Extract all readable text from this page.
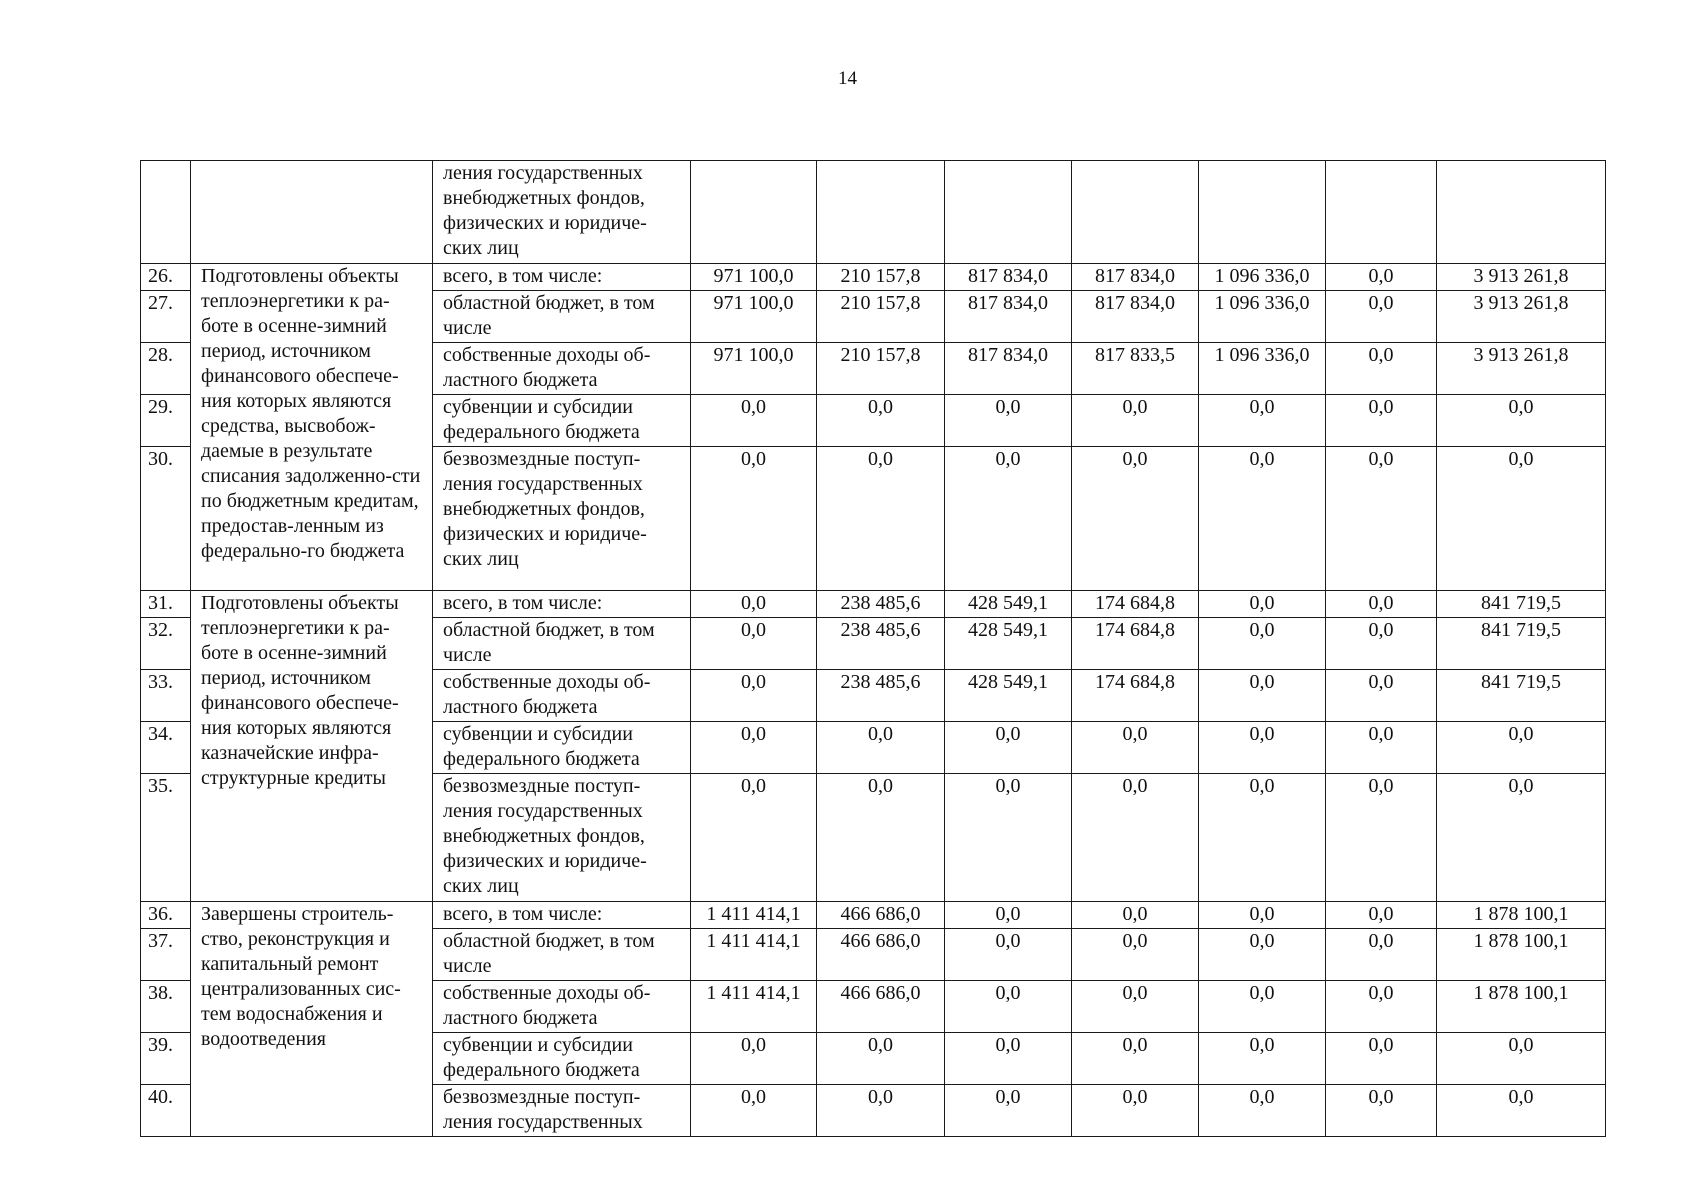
14
		ления государственных внебюджетных фондов, физических и юридиче-ских лиц							
26.	Подготовлены объекты теплоэнергетики к ра-боте в осенне-зимний период, источником финансового обеспече-ния которых являются средства, высвобож-даемые в результате списания задолженно-сти по бюджетным кредитам, предостав-ленным из федерально-го бюджета	всего, в том числе:	971 100,0	210 157,8	817 834,0	817 834,0	1 096 336,0	0,0	3 913 261,8
27.		областной бюджет, в том числе	971 100,0	210 157,8	817 834,0	817 834,0	1 096 336,0	0,0	3 913 261,8
28.		собственные доходы об-ластного бюджета	971 100,0	210 157,8	817 834,0	817 833,5	1 096 336,0	0,0	3 913 261,8
29.		субвенции и субсидии федерального бюджета	0,0	0,0	0,0	0,0	0,0	0,0	0,0
30.		безвозмездные поступ-ления государственных внебюджетных фондов, физических и юридиче-ских лиц	0,0	0,0	0,0	0,0	0,0	0,0	0,0
31.	Подготовлены объекты теплоэнергетики к ра-боте в осенне-зимний период, источником финансового обеспече-ния которых являются казначейские инфра-структурные кредиты	всего, в том числе:	0,0	238 485,6	428 549,1	174 684,8	0,0	0,0	841 719,5
32.		областной бюджет, в том числе	0,0	238 485,6	428 549,1	174 684,8	0,0	0,0	841 719,5
33.		собственные доходы об-ластного бюджета	0,0	238 485,6	428 549,1	174 684,8	0,0	0,0	841 719,5
34.		субвенции и субсидии федерального бюджета	0,0	0,0	0,0	0,0	0,0	0,0	0,0
35.		безвозмездные поступ-ления государственных внебюджетных фондов, физических и юридиче-ских лиц	0,0	0,0	0,0	0,0	0,0	0,0	0,0
36.	Завершены строитель-ство, реконструкция и капитальный ремонт централизованных сис-тем водоснабжения и водоотведения	всего, в том числе:	1 411 414,1	466 686,0	0,0	0,0	0,0	0,0	1 878 100,1
37.		областной бюджет, в том числе	1 411 414,1	466 686,0	0,0	0,0	0,0	0,0	1 878 100,1
38.		собственные доходы об-ластного бюджета	1 411 414,1	466 686,0	0,0	0,0	0,0	0,0	1 878 100,1
39.		субвенции и субсидии федерального бюджета	0,0	0,0	0,0	0,0	0,0	0,0	0,0
40.		безвозмездные поступ-ления государственных	0,0	0,0	0,0	0,0	0,0	0,0	0,0
